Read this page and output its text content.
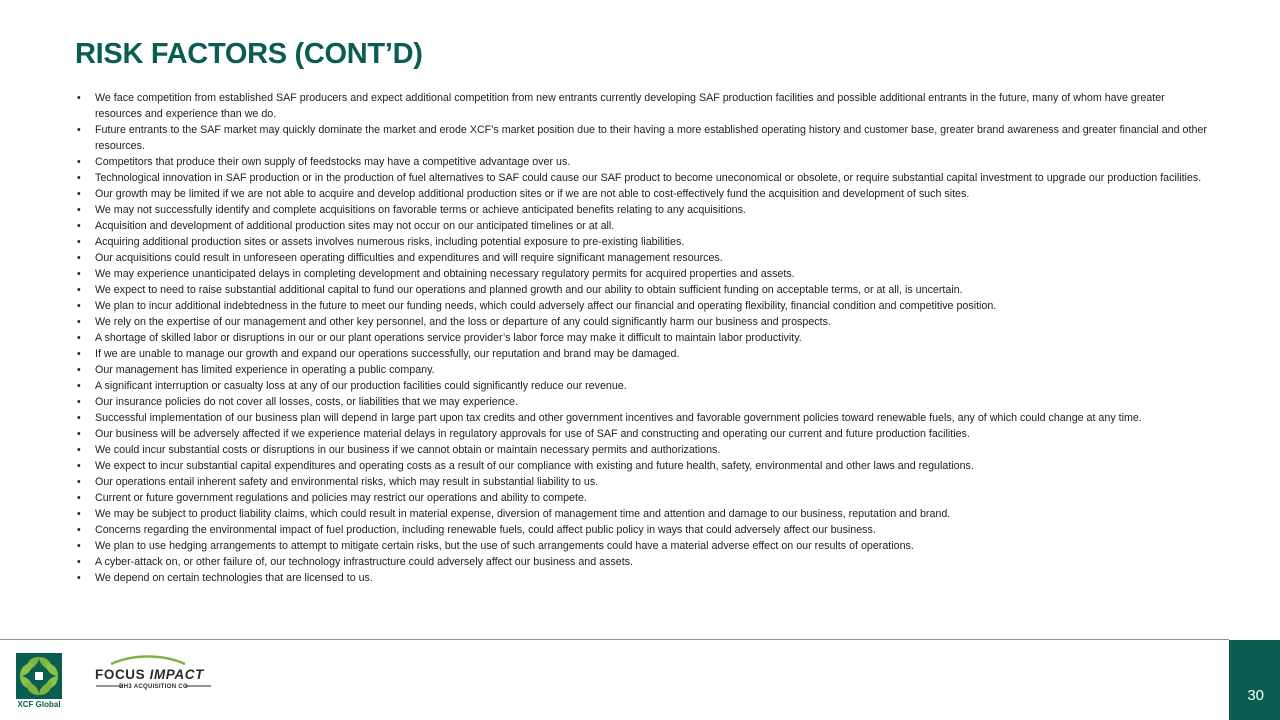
RISK FACTORS (CONT’D)
• We face competition from established SAF producers and expect additional competition from new entrants currently developing SAF production facilities and possible additional entrants in the future, many of whom have greater resources and experience than we do.
• Future entrants to the SAF market may quickly dominate the market and erode XCF’s market position due to their having a more established operating history and customer base, greater brand awareness and greater financial and other resources.
• Competitors that produce their own supply of feedstocks may have a competitive advantage over us.
• Technological innovation in SAF production or in the production of fuel alternatives to SAF could cause our SAF product to become uneconomical or obsolete, or require substantial capital investment to upgrade our production facilities.
• Our growth may be limited if we are not able to acquire and develop additional production sites or if we are not able to cost-effectively fund the acquisition and development of such sites.
• We may not successfully identify and complete acquisitions on favorable terms or achieve anticipated benefits relating to any acquisitions.
• Acquisition and development of additional production sites may not occur on our anticipated timelines or at all.
• Acquiring additional production sites or assets involves numerous risks, including potential exposure to pre-existing liabilities.
• Our acquisitions could result in unforeseen operating difficulties and expenditures and will require significant management resources.
• We may experience unanticipated delays in completing development and obtaining necessary regulatory permits for acquired properties and assets.
• We expect to need to raise substantial additional capital to fund our operations and planned growth and our ability to obtain sufficient funding on acceptable terms, or at all, is uncertain.
• We plan to incur additional indebtedness in the future to meet our funding needs, which could adversely affect our financial and operating flexibility, financial condition and competitive position.
• We rely on the expertise of our management and other key personnel, and the loss or departure of any could significantly harm our business and prospects.
• A shortage of skilled labor or disruptions in our or our plant operations service provider’s labor force may make it difficult to maintain labor productivity.
• If we are unable to manage our growth and expand our operations successfully, our reputation and brand may be damaged.
• Our management has limited experience in operating a public company.
• A significant interruption or casualty loss at any of our production facilities could significantly reduce our revenue.
• Our insurance policies do not cover all losses, costs, or liabilities that we may experience.
• Successful implementation of our business plan will depend in large part upon tax credits and other government incentives and favorable government policies toward renewable fuels, any of which could change at any time.
• Our business will be adversely affected if we experience material delays in regulatory approvals for use of SAF and constructing and operating our current and future production facilities.
• We could incur substantial costs or disruptions in our business if we cannot obtain or maintain necessary permits and authorizations.
• We expect to incur substantial capital expenditures and operating costs as a result of our compliance with existing and future health, safety, environmental and other laws and regulations.
• Our operations entail inherent safety and environmental risks, which may result in substantial liability to us.
• Current or future government regulations and policies may restrict our operations and ability to compete.
• We may be subject to product liability claims, which could result in material expense, diversion of management time and attention and damage to our business, reputation and brand.
• Concerns regarding the environmental impact of fuel production, including renewable fuels, could affect public policy in ways that could adversely affect our business.
• We plan to use hedging arrangements to attempt to mitigate certain risks, but the use of such arrangements could have a material adverse effect on our results of operations.
• A cyber-attack on, or other failure of, our technology infrastructure could adversely affect our business and assets.
• We depend on certain technologies that are licensed to us.
XCF Global
FOCUS IMPACT
BH3 ACQUISITION CO	30
